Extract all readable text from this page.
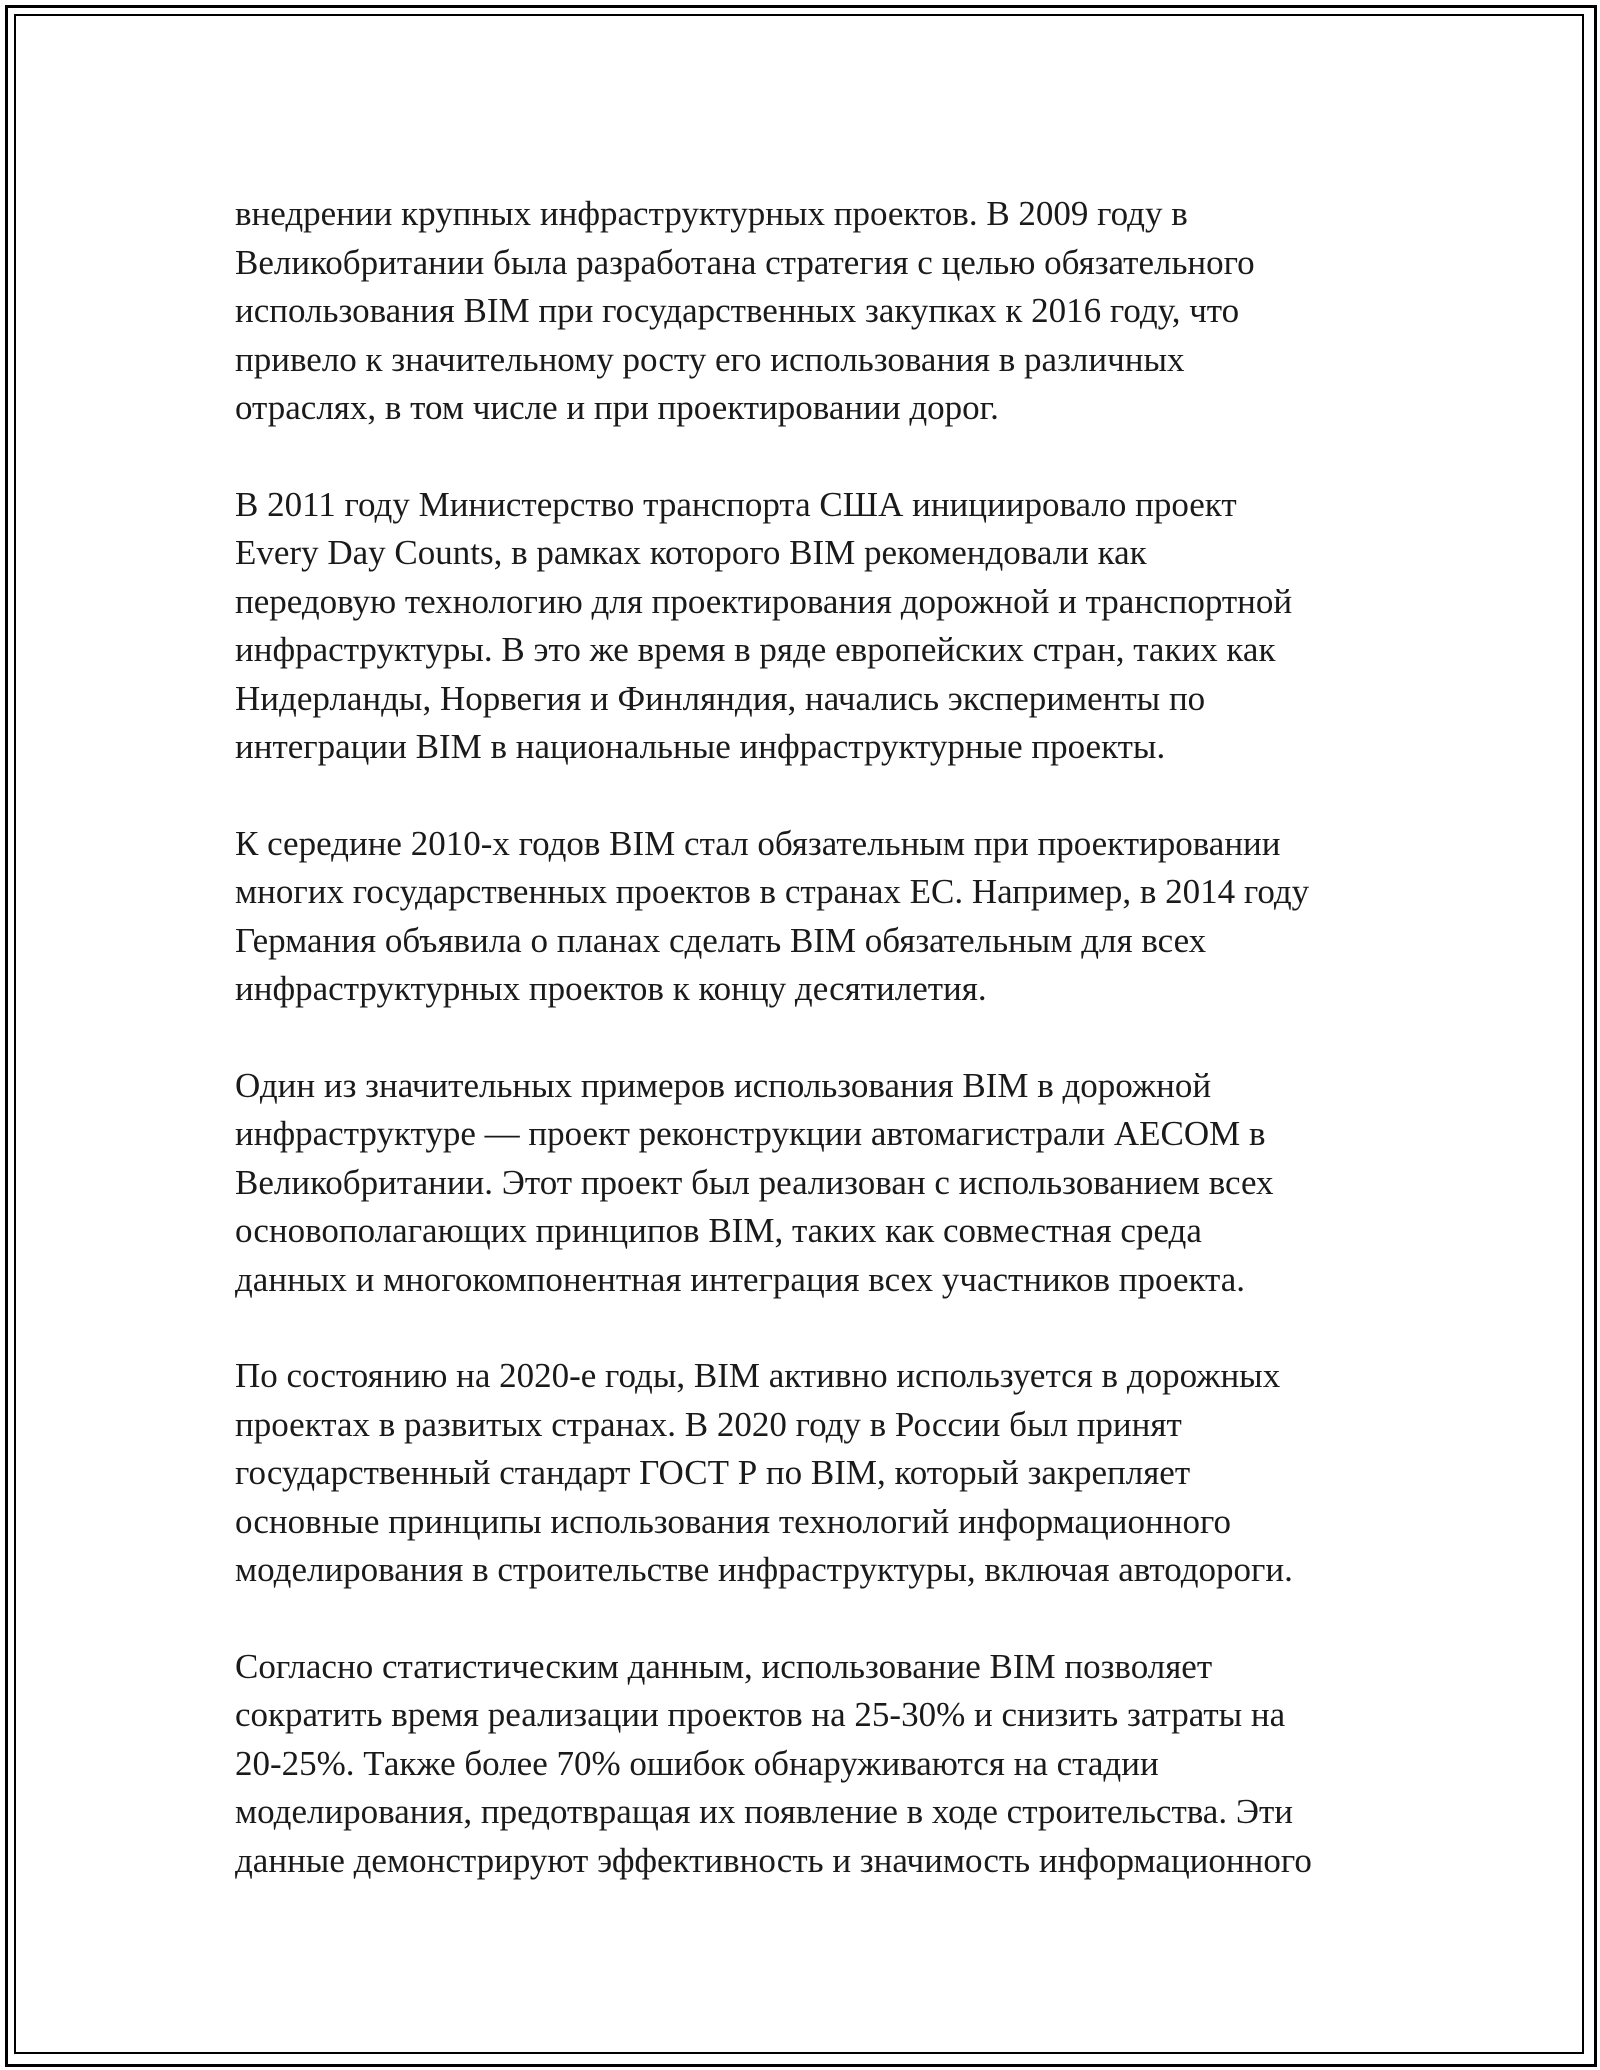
внедрении крупных инфраструктурных проектов. В 2009 году в
Великобритании была разработана стратегия с целью обязательного
использования BIM при государственных закупках к 2016 году, что
привело к значительному росту его использования в различных
отраслях, в том числе и при проектировании дорог.

В 2011 году Министерство транспорта США инициировало проект
Every Day Counts, в рамках которого BIM рекомендовали как
передовую технологию для проектирования дорожной и транспортной
инфраструктуры. В это же время в ряде европейских стран, таких как
Нидерланды, Норвегия и Финляндия, начались эксперименты по
интеграции BIM в национальные инфраструктурные проекты.

К середине 2010-х годов BIM стал обязательным при проектировании
многих государственных проектов в странах ЕС. Например, в 2014 году
Германия объявила о планах сделать BIM обязательным для всех
инфраструктурных проектов к концу десятилетия.

Один из значительных примеров использования BIM в дорожной
инфраструктуре — проект реконструкции автомагистрали AECOM в
Великобритании. Этот проект был реализован с использованием всех
основополагающих принципов BIM, таких как совместная среда
данных и многокомпонентная интеграция всех участников проекта.

По состоянию на 2020-е годы, BIM активно используется в дорожных
проектах в развитых странах. В 2020 году в России был принят
государственный стандарт ГОСТ Р по BIM, который закрепляет
основные принципы использования технологий информационного
моделирования в строительстве инфраструктуры, включая автодороги.

Согласно статистическим данным, использование BIM позволяет
сократить время реализации проектов на 25-30% и снизить затраты на
20-25%. Также более 70% ошибок обнаруживаются на стадии
моделирования, предотвращая их появление в ходе строительства. Эти
данные демонстрируют эффективность и значимость информационного
